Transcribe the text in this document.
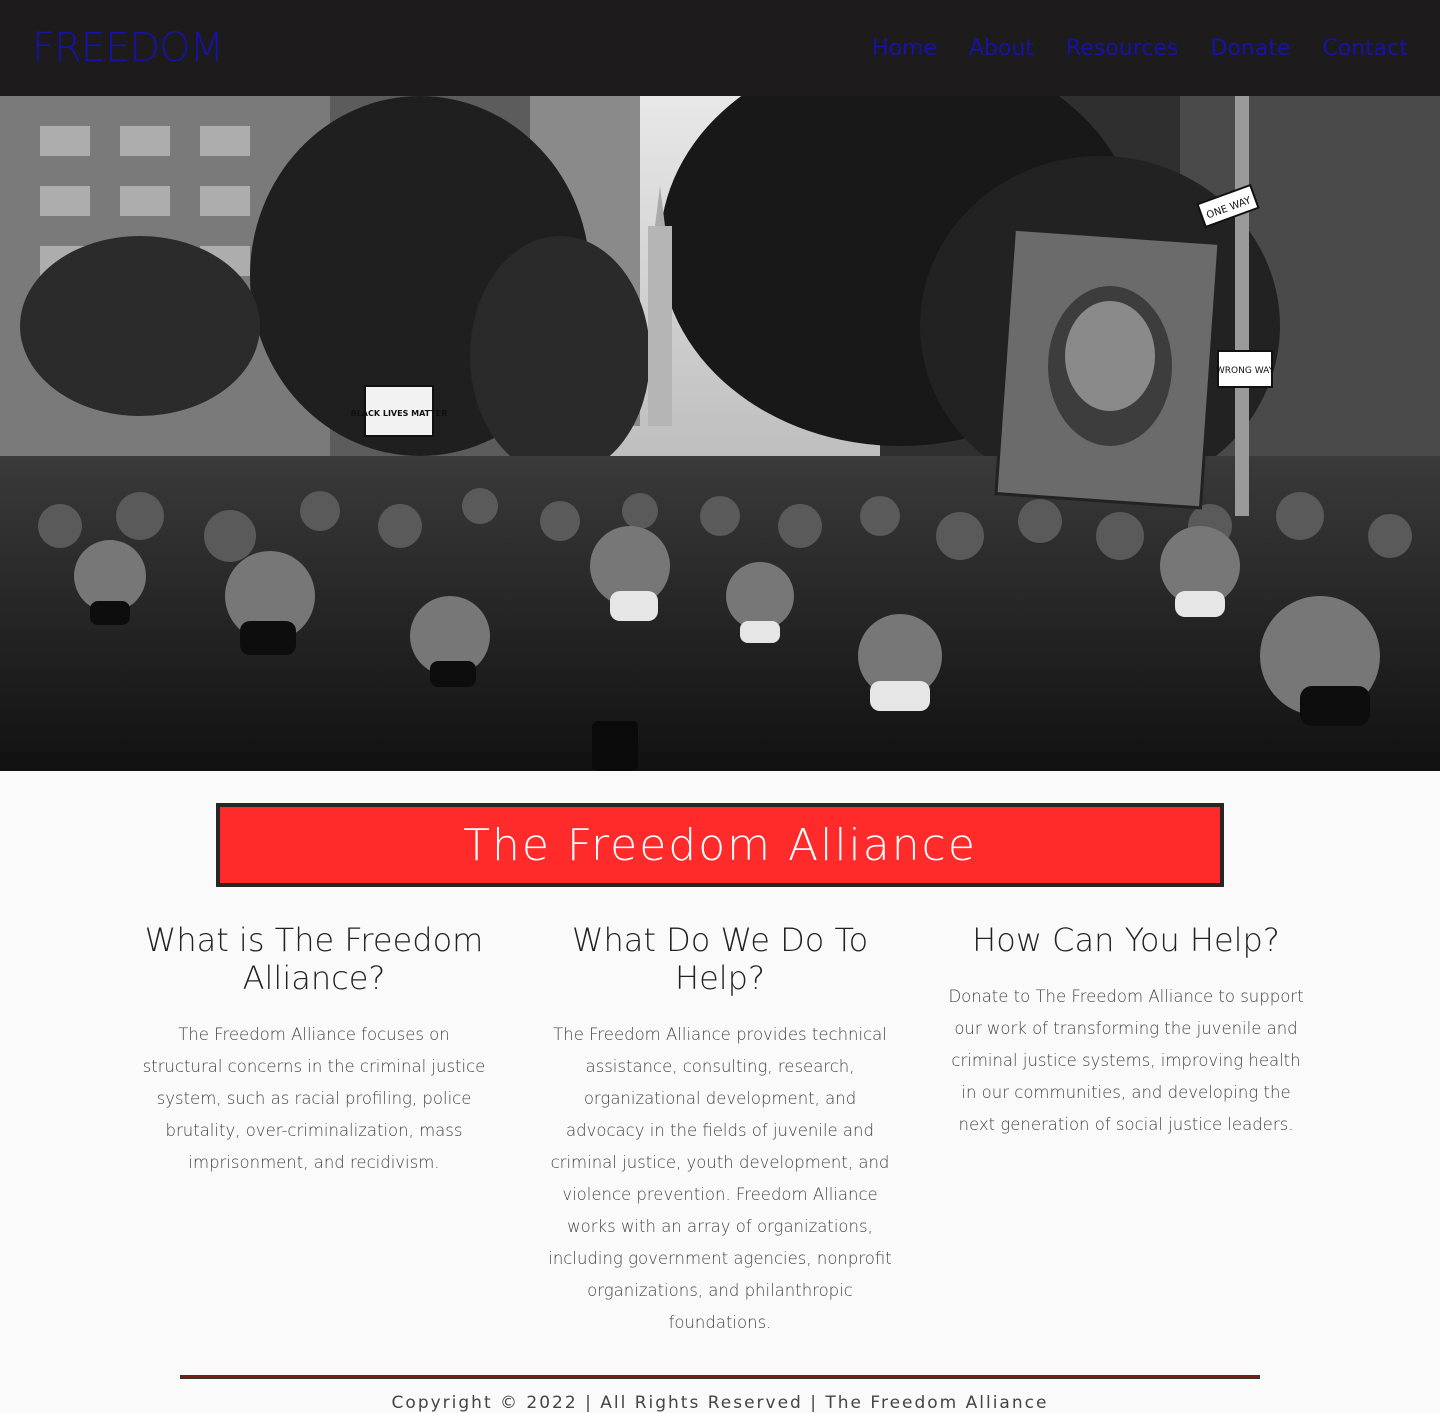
FREEDOM	Home About Resources Donate Contact
ONE WAY
WRONG WAY
BLACK LIVES MATTER
The Freedom Alliance
What is The Freedom Alliance?

The Freedom Alliance focuses on structural concerns in the criminal justice system, such as racial profiling, police brutality, over-criminalization, mass imprisonment, and recidivism.

What Do We Do To Help?

The Freedom Alliance provides technical assistance, consulting, research, organizational development, and advocacy in the fields of juvenile and criminal justice, youth development, and violence prevention. Freedom Alliance works with an array of organizations, including government agencies, nonprofit organizations, and philanthropic foundations.

How Can You Help?

Donate to The Freedom Alliance to support our work of transforming the juvenile and criminal justice systems, improving health in our communities, and developing the next generation of social justice leaders.

Copyright © 2022 | All Rights Reserved | The Freedom Alliance
